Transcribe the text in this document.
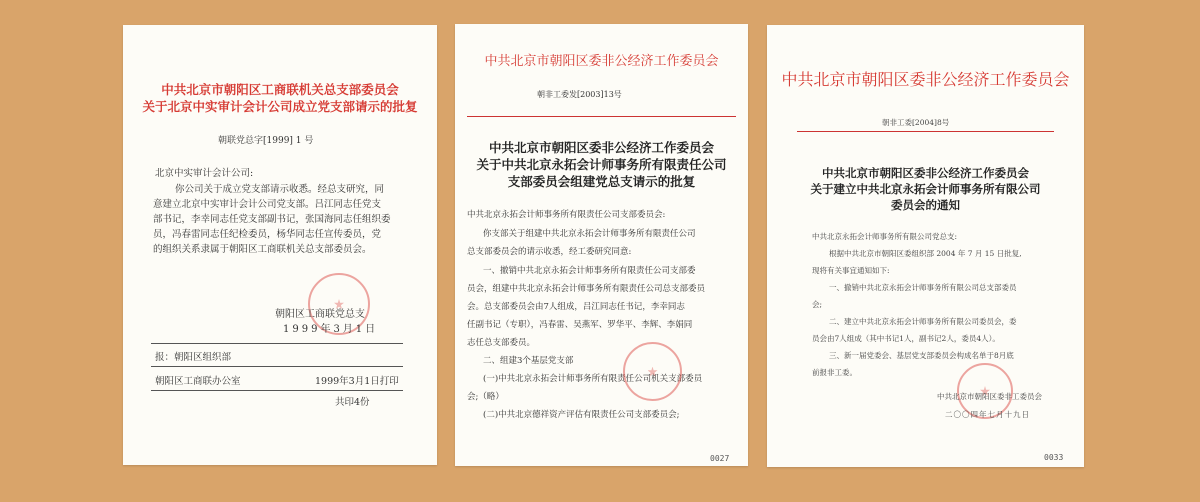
中共北京市朝阳区工商联机关总支部委员会
关于北京中实审计会计公司成立党支部请示的批复
朝联党总字[1999] 1 号
北京中实审计会计公司:
你公司关于成立党支部请示收悉。经总支研究，同
意建立北京中实审计会计公司党支部。吕江同志任党支
部书记，李幸同志任党支部副书记，张国海同志任组织委
员，冯春雷同志任纪检委员，杨华同志任宣传委员，党
的组织关系隶属于朝阳区工商联机关总支部委员会。
朝阳区工商联党总支
1999年3月1日
报：朝阳区组织部
朝阳区工商联办公室	1999年3月1日打印
共印4份
中共北京市朝阳区委非公经济工作委员会
朝非工委发[2003]13号
中共北京市朝阳区委非公经济工作委员会
关于中共北京永拓会计师事务所有限责任公司
支部委员会组建党总支请示的批复
中共北京永拓会计师事务所有限责任公司支部委员会:
你支部关于组建中共北京永拓会计师事务所有限责任公司
总支部委员会的请示收悉，经工委研究同意:
一、撤销中共北京永拓会计师事务所有限责任公司支部委
员会，组建中共北京永拓会计师事务所有限责任公司总支部委员
会。总支部委员会由7人组成，吕江同志任书记，李幸同志
任副书记（专职），冯春雷、吴燕军、罗华平、李辉、李娟同
志任总支部委员。
二、组建3个基层党支部
(一)中共北京永拓会计师事务所有限责任公司机关支部委员
会;（略）
(二)中共北京德祥资产评估有限责任公司支部委员会;
0027
中共北京市朝阳区委非公经济工作委员会
朝非工委[2004]8号
中共北京市朝阳区委非公经济工作委员会
关于建立中共北京永拓会计师事务所有限公司
委员会的通知
中共北京永拓会计师事务所有限公司党总支:
根据中共北京市朝阳区委组织部 2004 年 7 月 15 日批复,
现将有关事宜通知如下:
一、撤销中共北京永拓会计师事务所有限公司总支部委员
会;
二、建立中共北京永拓会计师事务所有限公司委员会，委
员会由7人组成（其中书记1人，副书记2人，委员4人）。
三、新一届党委会、基层党支部委员会构成名单于8月底
前报非工委。
中共北京市朝阳区委非工委员会
二〇〇四年七月十九日
0033
